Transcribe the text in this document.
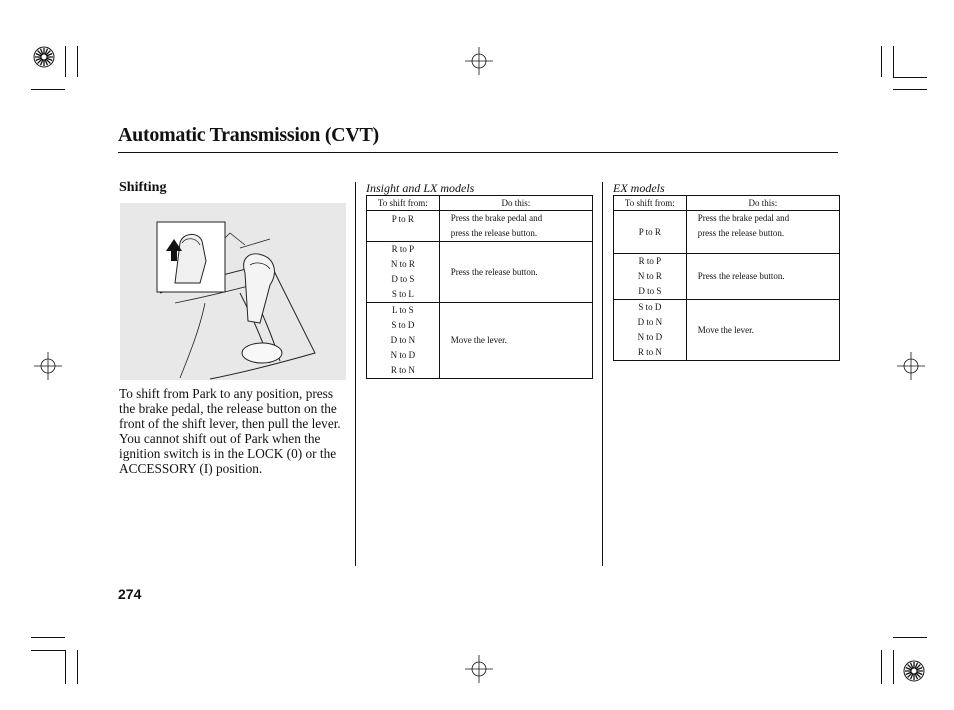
Automatic Transmission (CVT)
Shifting
To shift from Park to any position, press the brake pedal, the release button on the front of the shift lever, then pull the lever. You cannot shift out of Park when the ignition switch is in the LOCK (0) or the ACCESSORY (I) position.
274
Insight and LX models
To shift from:	Do this:

P to R	Press the brake pedal and
press the release button.

R to P
N to R
D to S
S to L	Press the release button.

L to S
S to D
D to N
N to D
R to N	Move the lever.
EX models
To shift from:	Do this:

P to R	Press the brake pedal and
press the release button.

R to P
N to R
D to S	Press the release button.

S to D
D to N
N to D
R to N	Move the lever.
